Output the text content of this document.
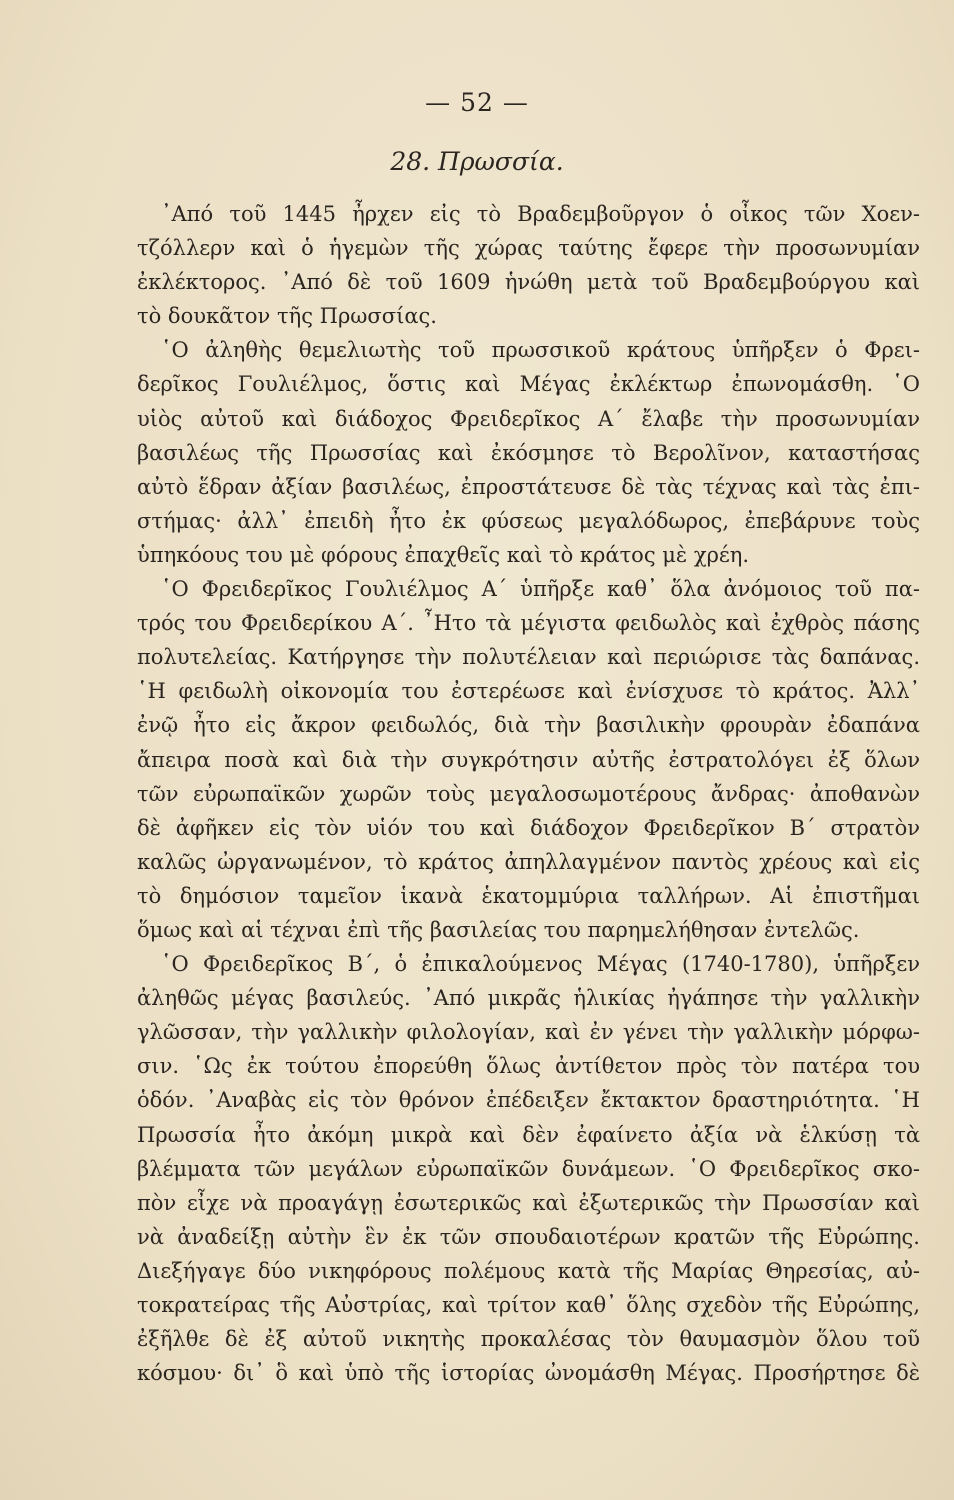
— 52 —
28. Πρωσσία.
᾿Από τοῦ 1445 ἦρχεν εἰς τὸ Βραδεμβοῦργον ὁ οἶκος τῶν Χοεν-
τζόλλερν καὶ ὁ ἡγεμὼν τῆς χώρας ταύτης ἔφερε τὴν προσωνυμίαν
ἐκλέκτορος. ᾿Από δὲ τοῦ 1609 ἡνώθη μετὰ τοῦ Βραδεμβούργου καὶ
τὸ δουκᾶτον τῆς Πρωσσίας.
῾Ο ἀληθὴς θεμελιωτὴς τοῦ πρωσσικοῦ κράτους ὑπῆρξεν ὁ Φρει-
δερῖκος Γουλιέλμος, ὅστις καὶ Μέγας ἐκλέκτωρ ἐπωνομάσθη. ῾Ο
υἱὸς αὐτοῦ καὶ διάδοχος Φρειδερῖκος Α΄ ἔλαβε τὴν προσωνυμίαν
βασιλέως τῆς Πρωσσίας καὶ ἐκόσμησε τὸ Βερολῖνον, καταστήσας
αὐτὸ ἕδραν ἀξίαν βασιλέως, ἐπροστάτευσε δὲ τὰς τέχνας καὶ τὰς ἐπι-
στήμας· ἀλλ᾿ ἐπειδὴ ἦτο ἐκ φύσεως μεγαλόδωρος, ἐπεβάρυνε τοὺς
ὑπηκόους του μὲ φόρους ἐπαχθεῖς καὶ τὸ κράτος μὲ χρέη.
῾Ο Φρειδερῖκος Γουλιέλμος Α΄ ὑπῆρξε καθ᾿ ὅλα ἀνόμοιος τοῦ πα-
τρός του Φρειδερίκου Α΄. ῏Ητο τὰ μέγιστα φειδωλὸς καὶ ἐχθρὸς πάσης
πολυτελείας. Κατήργησε τὴν πολυτέλειαν καὶ περιώρισε τὰς δαπάνας.
῾Η φειδωλὴ οἰκονομία του ἐστερέωσε καὶ ἐνίσχυσε τὸ κράτος. Ἀλλ᾿
ἐνῷ ἦτο εἰς ἄκρον φειδωλός, διὰ τὴν βασιλικὴν φρουρὰν ἐδαπάνα
ἄπειρα ποσὰ καὶ διὰ τὴν συγκρότησιν αὐτῆς ἐστρατολόγει ἐξ ὅλων
τῶν εὐρωπαϊκῶν χωρῶν τοὺς μεγαλοσωμοτέρους ἄνδρας· ἀποθανὼν
δὲ ἀφῆκεν εἰς τὸν υἱόν του καὶ διάδοχον Φρειδερῖκον Β΄ στρατὸν
καλῶς ὠργανωμένον, τὸ κράτος ἀπηλλαγμένον παντὸς χρέους καὶ εἰς
τὸ δημόσιον ταμεῖον ἱκανὰ ἑκατομμύρια ταλλήρων. Αἱ ἐπιστῆμαι
ὅμως καὶ αἱ τέχναι ἐπὶ τῆς βασιλείας του παρημελήθησαν ἐντελῶς.
῾Ο Φρειδερῖκος Β΄, ὁ ἐπικαλούμενος Μέγας (1740-1780), ὑπῆρξεν
ἀληθῶς μέγας βασιλεύς. ᾿Από μικρᾶς ἡλικίας ἠγάπησε τὴν γαλλικὴν
γλῶσσαν, τὴν γαλλικὴν φιλολογίαν, καὶ ἐν γένει τὴν γαλλικὴν μόρφω-
σιν. ῾Ως ἐκ τούτου ἐπορεύθη ὅλως ἀντίθετον πρὸς τὸν πατέρα του
ὁδόν. ᾿Αναβὰς εἰς τὸν θρόνον ἐπέδειξεν ἔκτακτον δραστηριότητα. ῾Η
Πρωσσία ἦτο ἀκόμη μικρὰ καὶ δὲν ἐφαίνετο ἀξία νὰ ἑλκύσῃ τὰ
βλέμματα τῶν μεγάλων εὐρωπαϊκῶν δυνάμεων. ῾Ο Φρειδερῖκος σκο-
πὸν εἶχε νὰ προαγάγῃ ἐσωτερικῶς καὶ ἐξωτερικῶς τὴν Πρωσσίαν καὶ
νὰ ἀναδείξῃ αὐτὴν ἓν ἐκ τῶν σπουδαιοτέρων κρατῶν τῆς Εὐρώπης.
Διεξήγαγε δύο νικηφόρους πολέμους κατὰ τῆς Μαρίας Θηρεσίας, αὐ-
τοκρατείρας τῆς Αὐστρίας, καὶ τρίτον καθ᾿ ὅλης σχεδὸν τῆς Εὐρώπης,
ἐξῆλθε δὲ ἐξ αὐτοῦ νικητὴς προκαλέσας τὸν θαυμασμὸν ὅλου τοῦ
κόσμου· δι᾿ ὃ καὶ ὑπὸ τῆς ἱστορίας ὠνομάσθη Μέγας. Προσήρτησε δὲ
